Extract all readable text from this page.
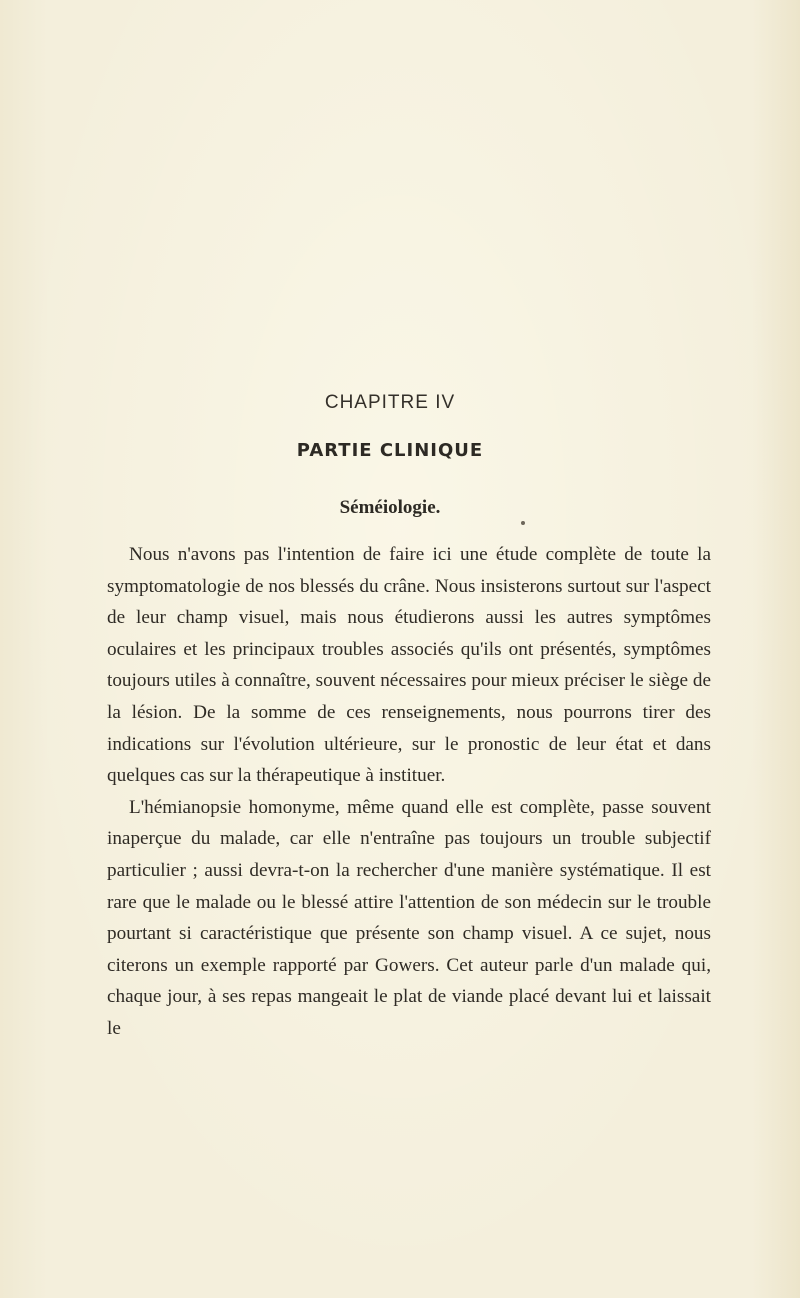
CHAPITRE IV
PARTIE CLINIQUE
Séméiologie.

Nous n'avons pas l'intention de faire ici une étude complète de toute la symptomatologie de nos blessés du crâne. Nous insisterons surtout sur l'aspect de leur champ visuel, mais nous étudierons aussi les autres symptômes oculaires et les principaux troubles associés qu'ils ont présentés, symptômes toujours utiles à connaître, souvent nécessaires pour mieux préciser le siège de la lésion. De la somme de ces renseignements, nous pourrons tirer des indications sur l'évolution ultérieure, sur le pronostic de leur état et dans quelques cas sur la thérapeutique à instituer.

L'hémianopsie homonyme, même quand elle est complète, passe souvent inaperçue du malade, car elle n'entraîne pas toujours un trouble subjectif particulier ; aussi devra-t-on la rechercher d'une manière systématique. Il est rare que le malade ou le blessé attire l'attention de son médecin sur le trouble pourtant si caractéristique que présente son champ visuel. A ce sujet, nous citerons un exemple rapporté par Gowers. Cet auteur parle d'un malade qui, chaque jour, à ses repas mangeait le plat de viande placé devant lui et laissait le
